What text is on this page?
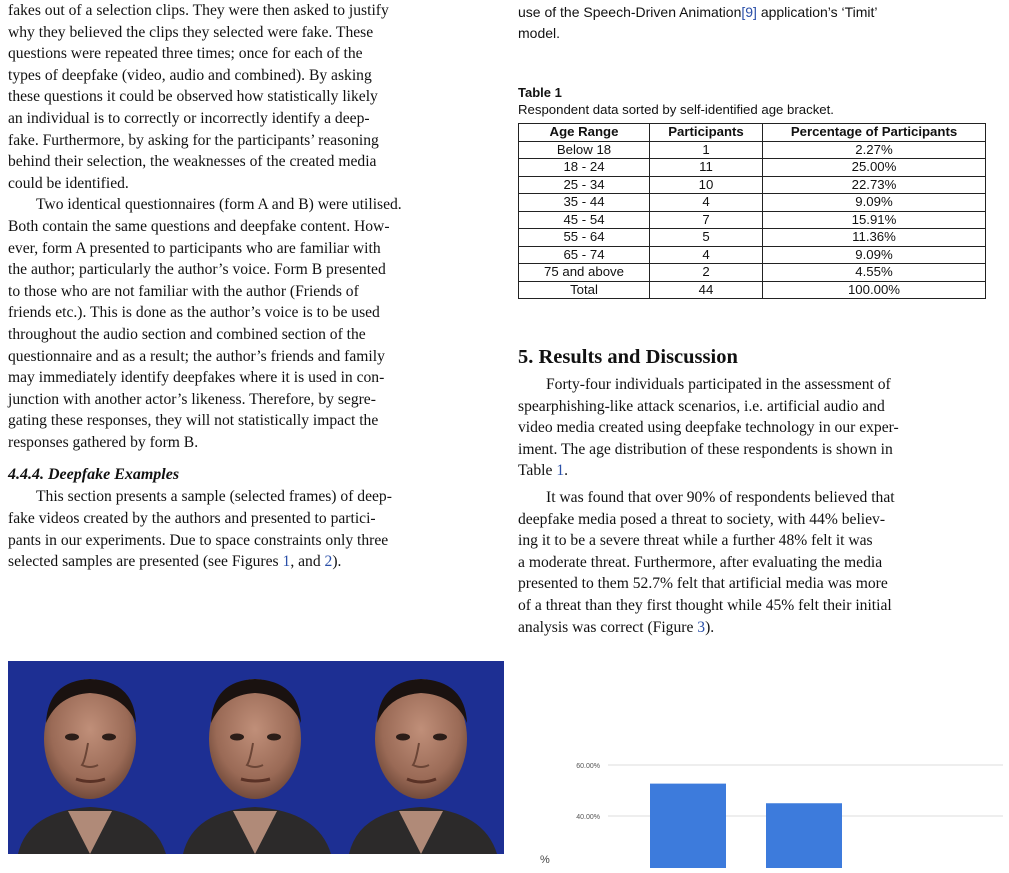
fakes out of a selection clips. They were then asked to justify

why they believed the clips they selected were fake. These

questions were repeated three times; once for each of the

types of deepfake (video, audio and combined). By asking

these questions it could be observed how statistically likely

an individual is to correctly or incorrectly identify a deep-

fake. Furthermore, by asking for the participants’ reasoning

behind their selection, the weaknesses of the created media

could be identified.

Two identical questionnaires (form A and B) were utilised.

Both contain the same questions and deepfake content. How-

ever, form A presented to participants who are familiar with

the author; particularly the author’s voice. Form B presented

to those who are not familiar with the author (Friends of

friends etc.). This is done as the author’s voice is to be used

throughout the audio section and combined section of the

questionnaire and as a result; the author’s friends and family

may immediately identify deepfakes where it is used in con-

junction with another actor’s likeness. Therefore, by segre-

gating these responses, they will not statistically impact the

responses gathered by form B.

4.4.4. Deepfake Examples

This section presents a sample (selected frames) of deep-

fake videos created by the authors and presented to partici-

pants in our experiments. Due to space constraints only three

selected samples are presented (see Figures 1, and 2).

use of the Speech-Driven Animation[9] application’s ‘Timit’

model.

Table 1
Respondent data sorted by self-identified age bracket.
Age Range	Participants	Percentage of Participants
Below 18	1	2.27%
18 - 24	11	25.00%
25 - 34	10	22.73%
35 - 44	4	9.09%
45 - 54	7	15.91%
55 - 64	5	11.36%
65 - 74	4	9.09%
75 and above	2	4.55%
Total	44	100.00%
5. Results and Discussion

Forty-four individuals participated in the assessment of

spearphishing-like attack scenarios, i.e. artificial audio and

video media created using deepfake technology in our exper-

iment. The age distribution of these respondents is shown in

Table 1.

It was found that over 90% of respondents believed that

deepfake media posed a threat to society, with 44% believ-

ing it to be a severe threat while a further 48% felt it was

a moderate threat. Furthermore, after evaluating the media

presented to them 52.7% felt that artificial media was more

of a threat than they first thought while 45% felt their initial

analysis was correct (Figure 3).

60.00%
40.00%
%
